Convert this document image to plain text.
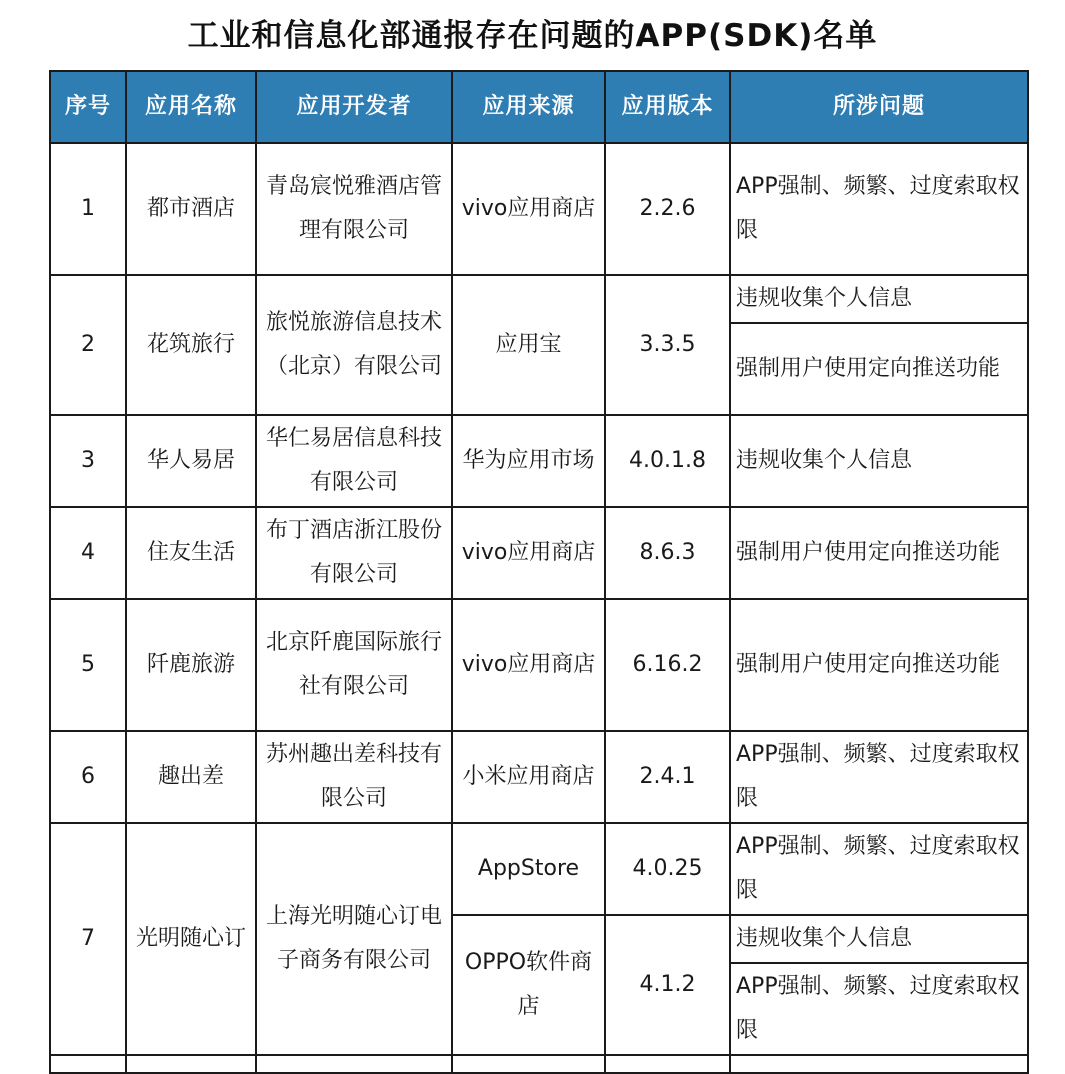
工业和信息化部通报存在问题的APP(SDK)名单
序号	应用名称	应用开发者	应用来源	应用版本	所涉问题
1	都市酒店	青岛宸悦雅酒店管理有限公司	vivo应用商店	2.2.6	APP强制、频繁、过度索取权限
2	花筑旅行	旅悦旅游信息技术（北京）有限公司	应用宝	3.3.5	违规收集个人信息
					强制用户使用定向推送功能
3	华人易居	华仁易居信息科技有限公司	华为应用市场	4.0.1.8	违规收集个人信息
4	住友生活	布丁酒店浙江股份有限公司	vivo应用商店	8.6.3	强制用户使用定向推送功能
5	阡鹿旅游	北京阡鹿国际旅行社有限公司	vivo应用商店	6.16.2	强制用户使用定向推送功能
6	趣出差	苏州趣出差科技有限公司	小米应用商店	2.4.1	APP强制、频繁、过度索取权限
7	光明随心订	上海光明随心订电子商务有限公司	AppStore	4.0.25	APP强制、频繁、过度索取权限
			OPPO软件商店	4.1.2	违规收集个人信息
					APP强制、频繁、过度索取权限
